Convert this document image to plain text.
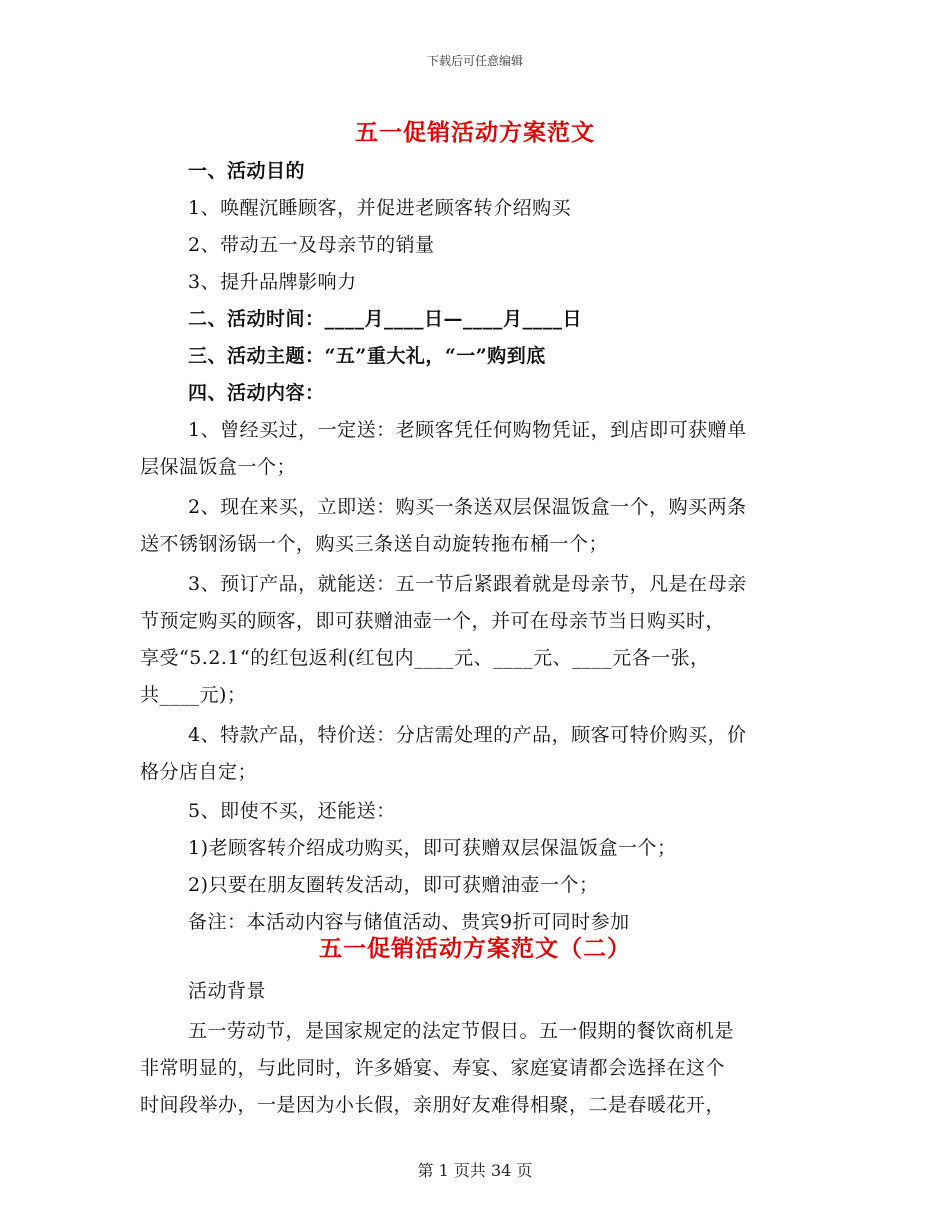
下载后可任意编辑
五一促销活动方案范文
一、活动目的
1、唤醒沉睡顾客，并促进老顾客转介绍购买
2、带动五一及母亲节的销量
3、提升品牌影响力
二、活动时间：____月____日—____月____日
三、活动主题：“五”重大礼，“一”购到底
四、活动内容：
1、曾经买过，一定送：老顾客凭任何购物凭证，到店即可获赠单
层保温饭盒一个；
2、现在来买，立即送：购买一条送双层保温饭盒一个，购买两条
送不锈钢汤锅一个，购买三条送自动旋转拖布桶一个；
3、预订产品，就能送：五一节后紧跟着就是母亲节，凡是在母亲
节预定购买的顾客，即可获赠油壶一个，并可在母亲节当日购买时，
享受“5.2.1“的红包返利(红包内____元、____元、____元各一张，
共____元)；
4、特款产品，特价送：分店需处理的产品，顾客可特价购买，价
格分店自定；
5、即使不买，还能送：
1)老顾客转介绍成功购买，即可获赠双层保温饭盒一个；
2)只要在朋友圈转发活动，即可获赠油壶一个；
备注：本活动内容与储值活动、贵宾9折可同时参加
五一促销活动方案范文（二）
活动背景
五一劳动节，是国家规定的法定节假日。五一假期的餐饮商机是
非常明显的，与此同时，许多婚宴、寿宴、家庭宴请都会选择在这个
时间段举办，一是因为小长假，亲朋好友难得相聚，二是春暖花开，
第 1 页共 34 页
